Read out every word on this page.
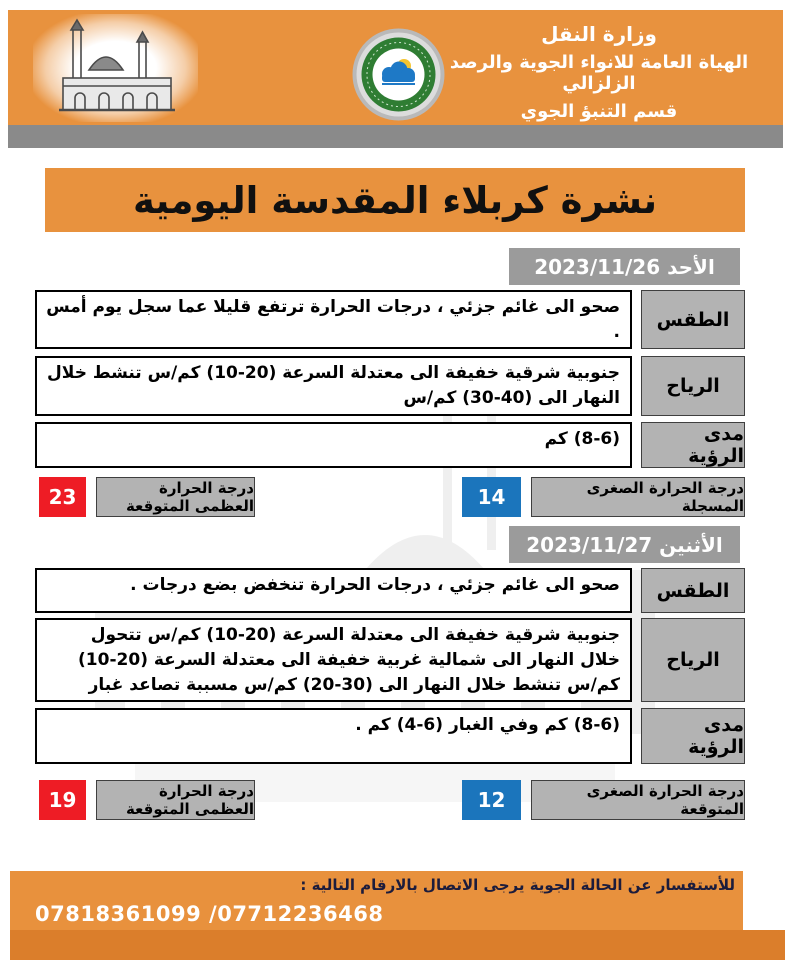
وزارة النقل
الهياة العامة للانواء الجوية والرصد الزلزالي
قسم التنبؤ الجوي
نشرة كربلاء المقدسة اليومية
الأحد 2023/11/26
الطقس
صحو الى غائم جزئي ، درجات الحرارة ترتفع قليلا عما سجل يوم أمس .
الرياح
جنوبية شرقية خفيفة الى معتدلة السرعة (20-10) كم/س تنشط خلال النهار الى (40-30) كم/س
مدى الرؤية
(8-6) كم
درجة الحرارة الصغرى المسجلة
14
درجة الحرارة العظمى المتوقعة
23
الأثنين 2023/11/27
الطقس
صحو الى غائم جزئي ، درجات الحرارة تنخفض بضع درجات .
الرياح
جنوبية شرقية خفيفة الى معتدلة السرعة (20-10) كم/س تتحول خلال النهار الى شمالية غربية خفيفة الى معتدلة السرعة (20-10) كم/س تنشط خلال النهار الى (30-20) كم/س مسببة تصاعد غبار
مدى الرؤية
(8-6) كم وفي الغبار (6-4) كم .
درجة الحرارة الصغرى المتوقعة
12
درجة الحرارة العظمى المتوقعة
19
للأستفسار عن الحالة الجوية يرجى الاتصال بالارقام التالية :
07818361099 /07712236468
